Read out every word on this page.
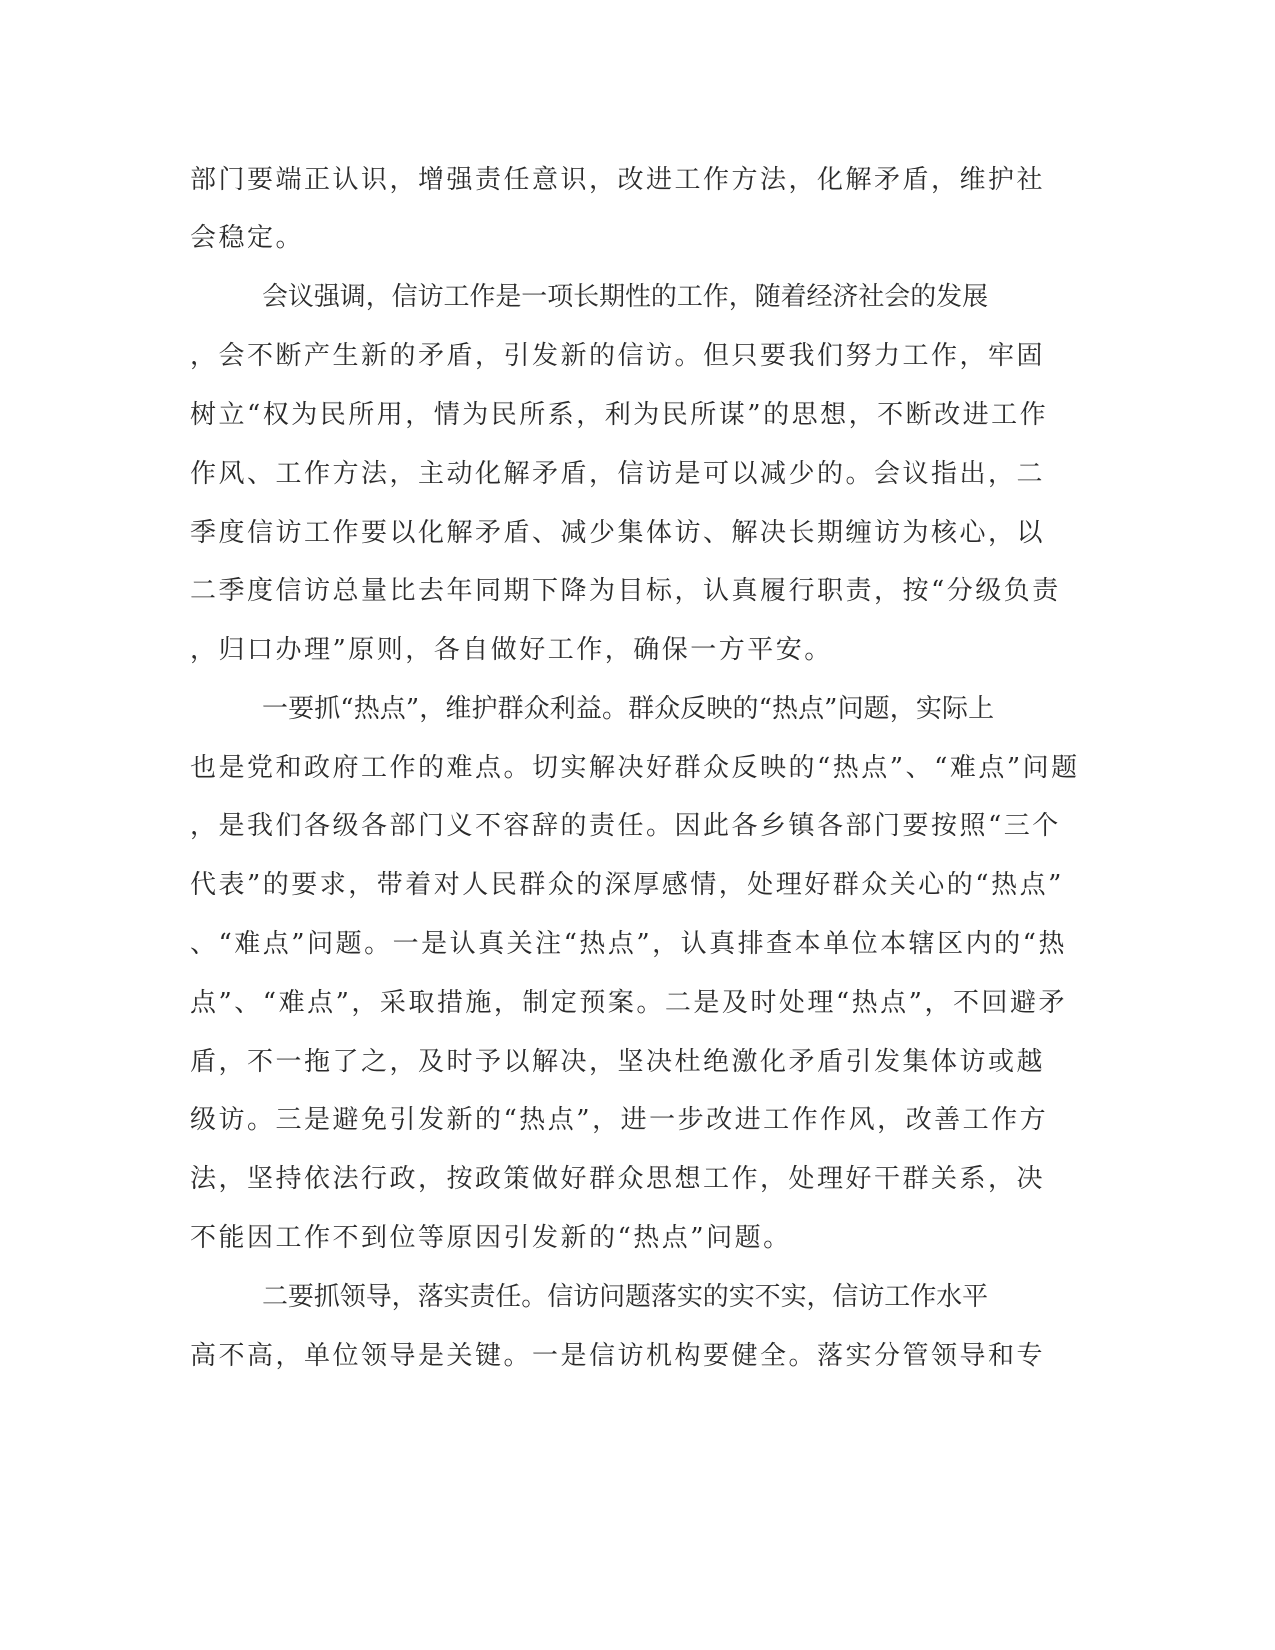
部门要端正认识，增强责任意识，改进工作方法，化解矛盾，维护社
会稳定。
会议强调，信访工作是一项长期性的工作，随着经济社会的发展
，会不断产生新的矛盾，引发新的信访。但只要我们努力工作，牢固
树立“权为民所用，情为民所系，利为民所谋”的思想，不断改进工作
作风、工作方法，主动化解矛盾，信访是可以减少的。会议指出，二
季度信访工作要以化解矛盾、减少集体访、解决长期缠访为核心，以
二季度信访总量比去年同期下降为目标，认真履行职责，按“分级负责
，归口办理”原则，各自做好工作，确保一方平安。
一要抓“热点”，维护群众利益。群众反映的“热点”问题，实际上
也是党和政府工作的难点。切实解决好群众反映的“热点”、“难点”问题
，是我们各级各部门义不容辞的责任。因此各乡镇各部门要按照“三个
代表”的要求，带着对人民群众的深厚感情，处理好群众关心的“热点”
、“难点”问题。一是认真关注“热点”，认真排查本单位本辖区内的“热
点”、“难点”，采取措施，制定预案。二是及时处理“热点”，不回避矛
盾，不一拖了之，及时予以解决，坚决杜绝激化矛盾引发集体访或越
级访。三是避免引发新的“热点”，进一步改进工作作风，改善工作方
法，坚持依法行政，按政策做好群众思想工作，处理好干群关系，决
不能因工作不到位等原因引发新的“热点”问题。
二要抓领导，落实责任。信访问题落实的实不实，信访工作水平
高不高，单位领导是关键。一是信访机构要健全。落实分管领导和专
